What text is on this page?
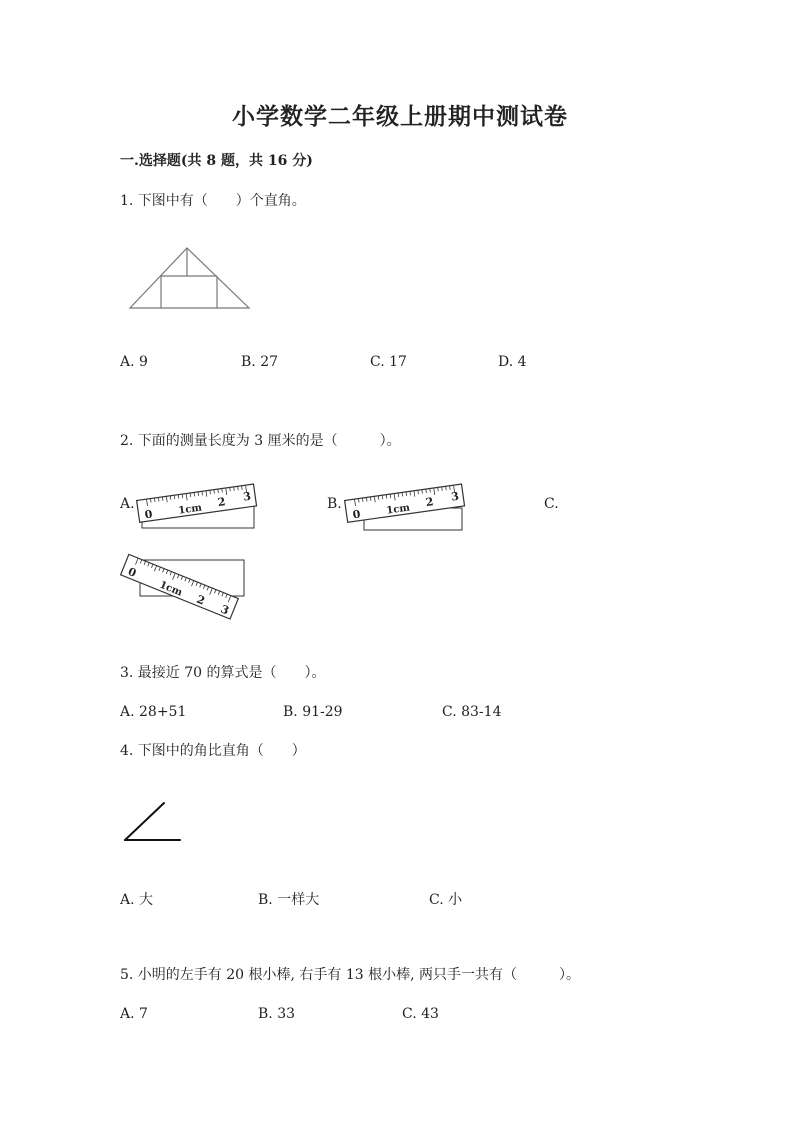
小学数学二年级上册期中测试卷
一.选择题(共 8 题，共 16 分)
1. 下图中有（　　）个直角。
A. 9	B. 27	C. 17	D. 4
2. 下面的测量长度为 3 厘米的是（　　　）。
A.
0 1cm
2 3	B.
0 1cm
2 3	C.
0
1cm
2
3
3. 最接近 70 的算式是（　　）。
A. 28+51	B. 91-29	C. 83-14
4. 下图中的角比直角（　　）
A. 大	B. 一样大	C. 小
5. 小明的左手有 20 根小棒, 右手有 13 根小棒, 两只手一共有（　　　）。
A. 7	B. 33	C. 43
